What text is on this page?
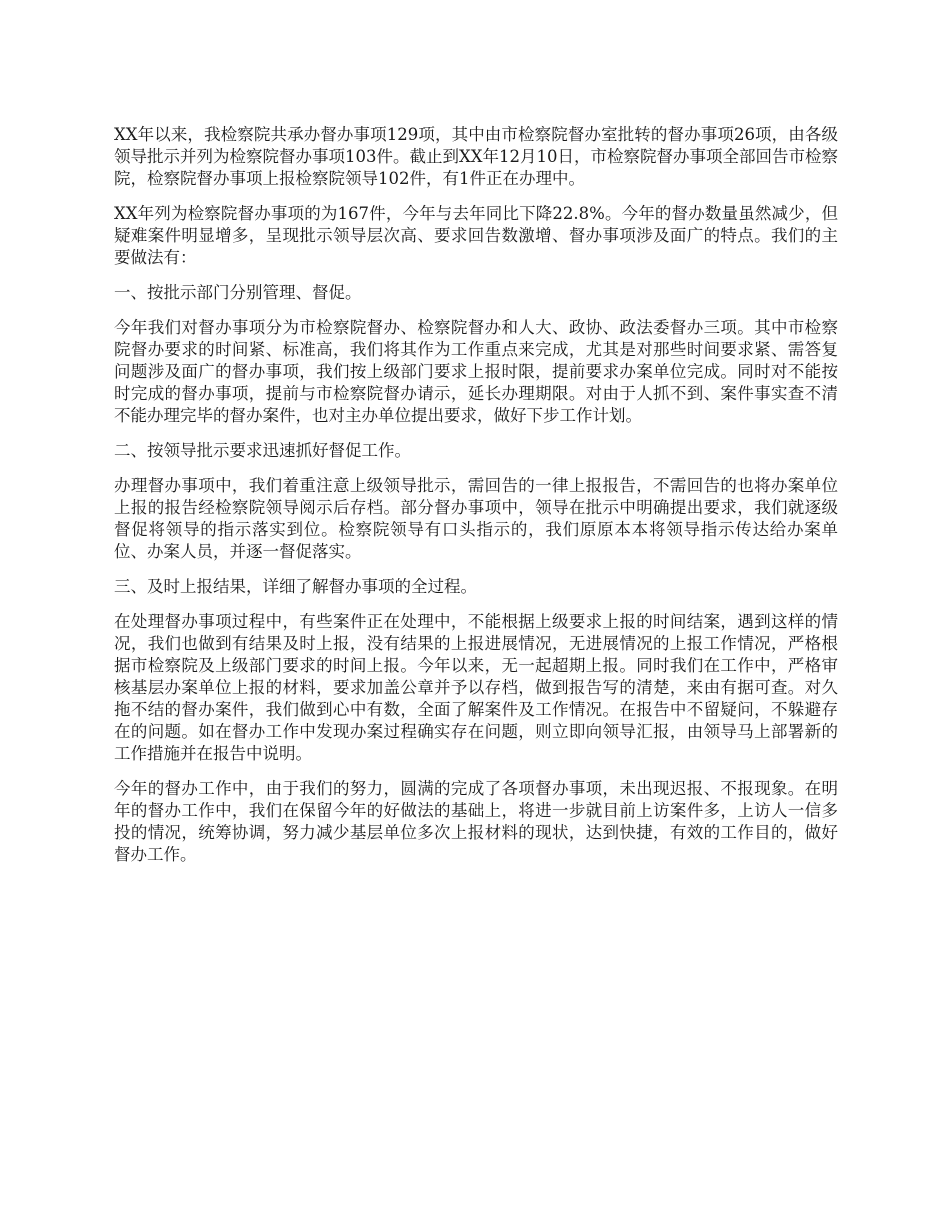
XX年以来，我检察院共承办督办事项129项，其中由市检察院督办室批转的督办事项26项，由各级领导批示并列为检察院督办事项103件。截止到XX年12月10日，市检察院督办事项全部回告市检察院，检察院督办事项上报检察院领导102件，有1件正在办理中。

XX年列为检察院督办事项的为167件，今年与去年同比下降22.8%。今年的督办数量虽然减少，但疑难案件明显增多，呈现批示领导层次高、要求回告数激增、督办事项涉及面广的特点。我们的主要做法有：

一、按批示部门分别管理、督促。

今年我们对督办事项分为市检察院督办、检察院督办和人大、政协、政法委督办三项。其中市检察院督办要求的时间紧、标准高，我们将其作为工作重点来完成，尤其是对那些时间要求紧、需答复问题涉及面广的督办事项，我们按上级部门要求上报时限，提前要求办案单位完成。同时对不能按时完成的督办事项，提前与市检察院督办请示，延长办理期限。对由于人抓不到、案件事实查不清不能办理完毕的督办案件，也对主办单位提出要求，做好下步工作计划。

二、按领导批示要求迅速抓好督促工作。

办理督办事项中，我们着重注意上级领导批示，需回告的一律上报报告，不需回告的也将办案单位上报的报告经检察院领导阅示后存档。部分督办事项中，领导在批示中明确提出要求，我们就逐级督促将领导的指示落实到位。检察院领导有口头指示的，我们原原本本将领导指示传达给办案单位、办案人员，并逐一督促落实。

三、及时上报结果，详细了解督办事项的全过程。

在处理督办事项过程中，有些案件正在处理中，不能根据上级要求上报的时间结案，遇到这样的情况，我们也做到有结果及时上报，没有结果的上报进展情况，无进展情况的上报工作情况，严格根据市检察院及上级部门要求的时间上报。今年以来，无一起超期上报。同时我们在工作中，严格审核基层办案单位上报的材料，要求加盖公章并予以存档，做到报告写的清楚，来由有据可查。对久拖不结的督办案件，我们做到心中有数，全面了解案件及工作情况。在报告中不留疑问，不躲避存在的问题。如在督办工作中发现办案过程确实存在问题，则立即向领导汇报，由领导马上部署新的工作措施并在报告中说明。

今年的督办工作中，由于我们的努力，圆满的完成了各项督办事项，未出现迟报、不报现象。在明年的督办工作中，我们在保留今年的好做法的基础上，将进一步就目前上访案件多，上访人一信多投的情况，统筹协调，努力减少基层单位多次上报材料的现状，达到快捷，有效的工作目的，做好督办工作。
